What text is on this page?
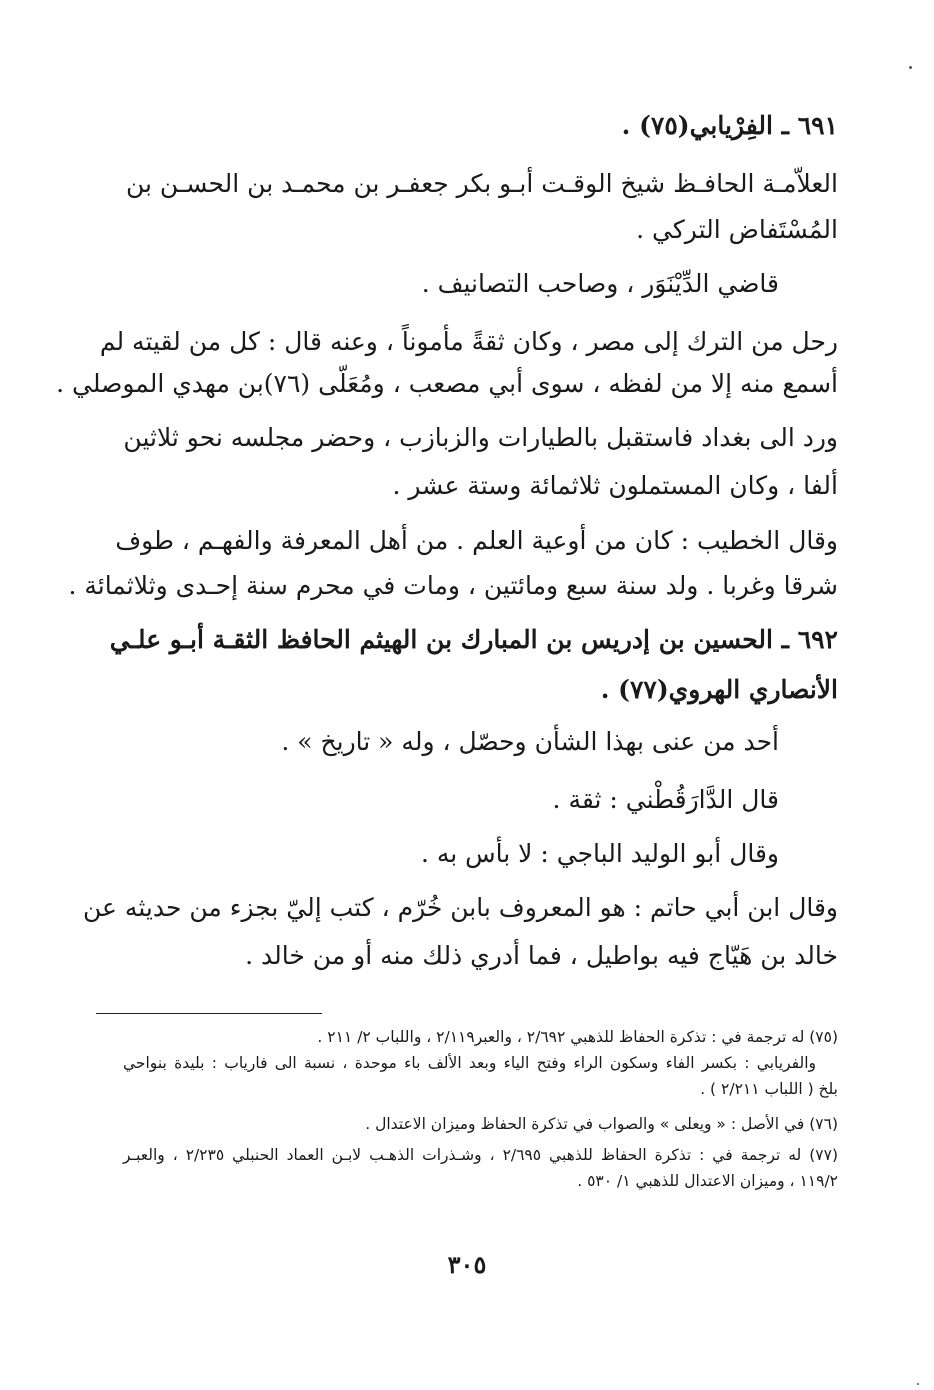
٦٩١ ـ الفِرْيابي(٧٥) .
العلاّمـة الحافـظ شيخ الوقـت أبـو بكر جعفـر بن محمـد بن الحسـن بن
المُسْتَفاض التركي .
قاضي الدِّيْنَوَر ، وصاحب التصانيف .
رحل من الترك إلى مصر ، وكان ثقةً مأموناً ، وعنه قال : كل من لقيته لم
أسمع منه إلا من لفظه ، سوى أبي مصعب ، ومُعَلّى (٧٦)بن مهدي الموصلي .
ورد الى بغداد فاستقبل بالطيارات والزبازب ، وحضر مجلسه نحو ثلاثين
ألفا ، وكان المستملون ثلاثمائة وستة عشر .
وقال الخطيب : كان من أوعية العلم . من أهل المعرفة والفهـم ، طوف
شرقا وغربا . ولد سنة سبع ومائتين ، ومات في محرم سنة إحـدى وثلاثمائة .
٦٩٢ ـ الحسين بن إدريس بن المبارك بن الهيثم الحافظ الثقـة أبـو علـي
الأنصاري الهروي(٧٧) .
أحد من عنى بهذا الشأن وحصّل ، وله « تاريخ » .
قال الدَّارَقُطْني : ثقة .
وقال أبو الوليد الباجي : لا بأس به .
وقال ابن أبي حاتم : هو المعروف بابن خُرّم ، كتب إليّ بجزء من حديثه عن
خالد بن هَيّاج فيه بواطيل ، فما أدري ذلك منه أو من خالد .
(٧٥) له ترجمة في : تذكرة الحفاظ للذهبي ٢/٦٩٢ ، والعبر٢/١١٩ ، واللباب ٢/ ٢١١ .
والفريابي : بكسر الفاء وسكون الراء وفتح الياء وبعد الألف باء موحدة ، نسبة الى فارياب : بليدة بنواحي
بلخ ( اللباب ٢/٢١١ ) .
(٧٦) في الأصل : « ويعلى » والصواب في تذكرة الحفاظ وميزان الاعتدال .
(٧٧) له ترجمة في : تذكرة الحفاظ للذهبي ٢/٦٩٥ ، وشـذرات الذهـب لابـن العماد الحنبلي ٢/٢٣٥ ، والعبـر
١١٩/٢ ، وميزان الاعتدال للذهبي ١/ ٥٣٠ .
٣٠٥
